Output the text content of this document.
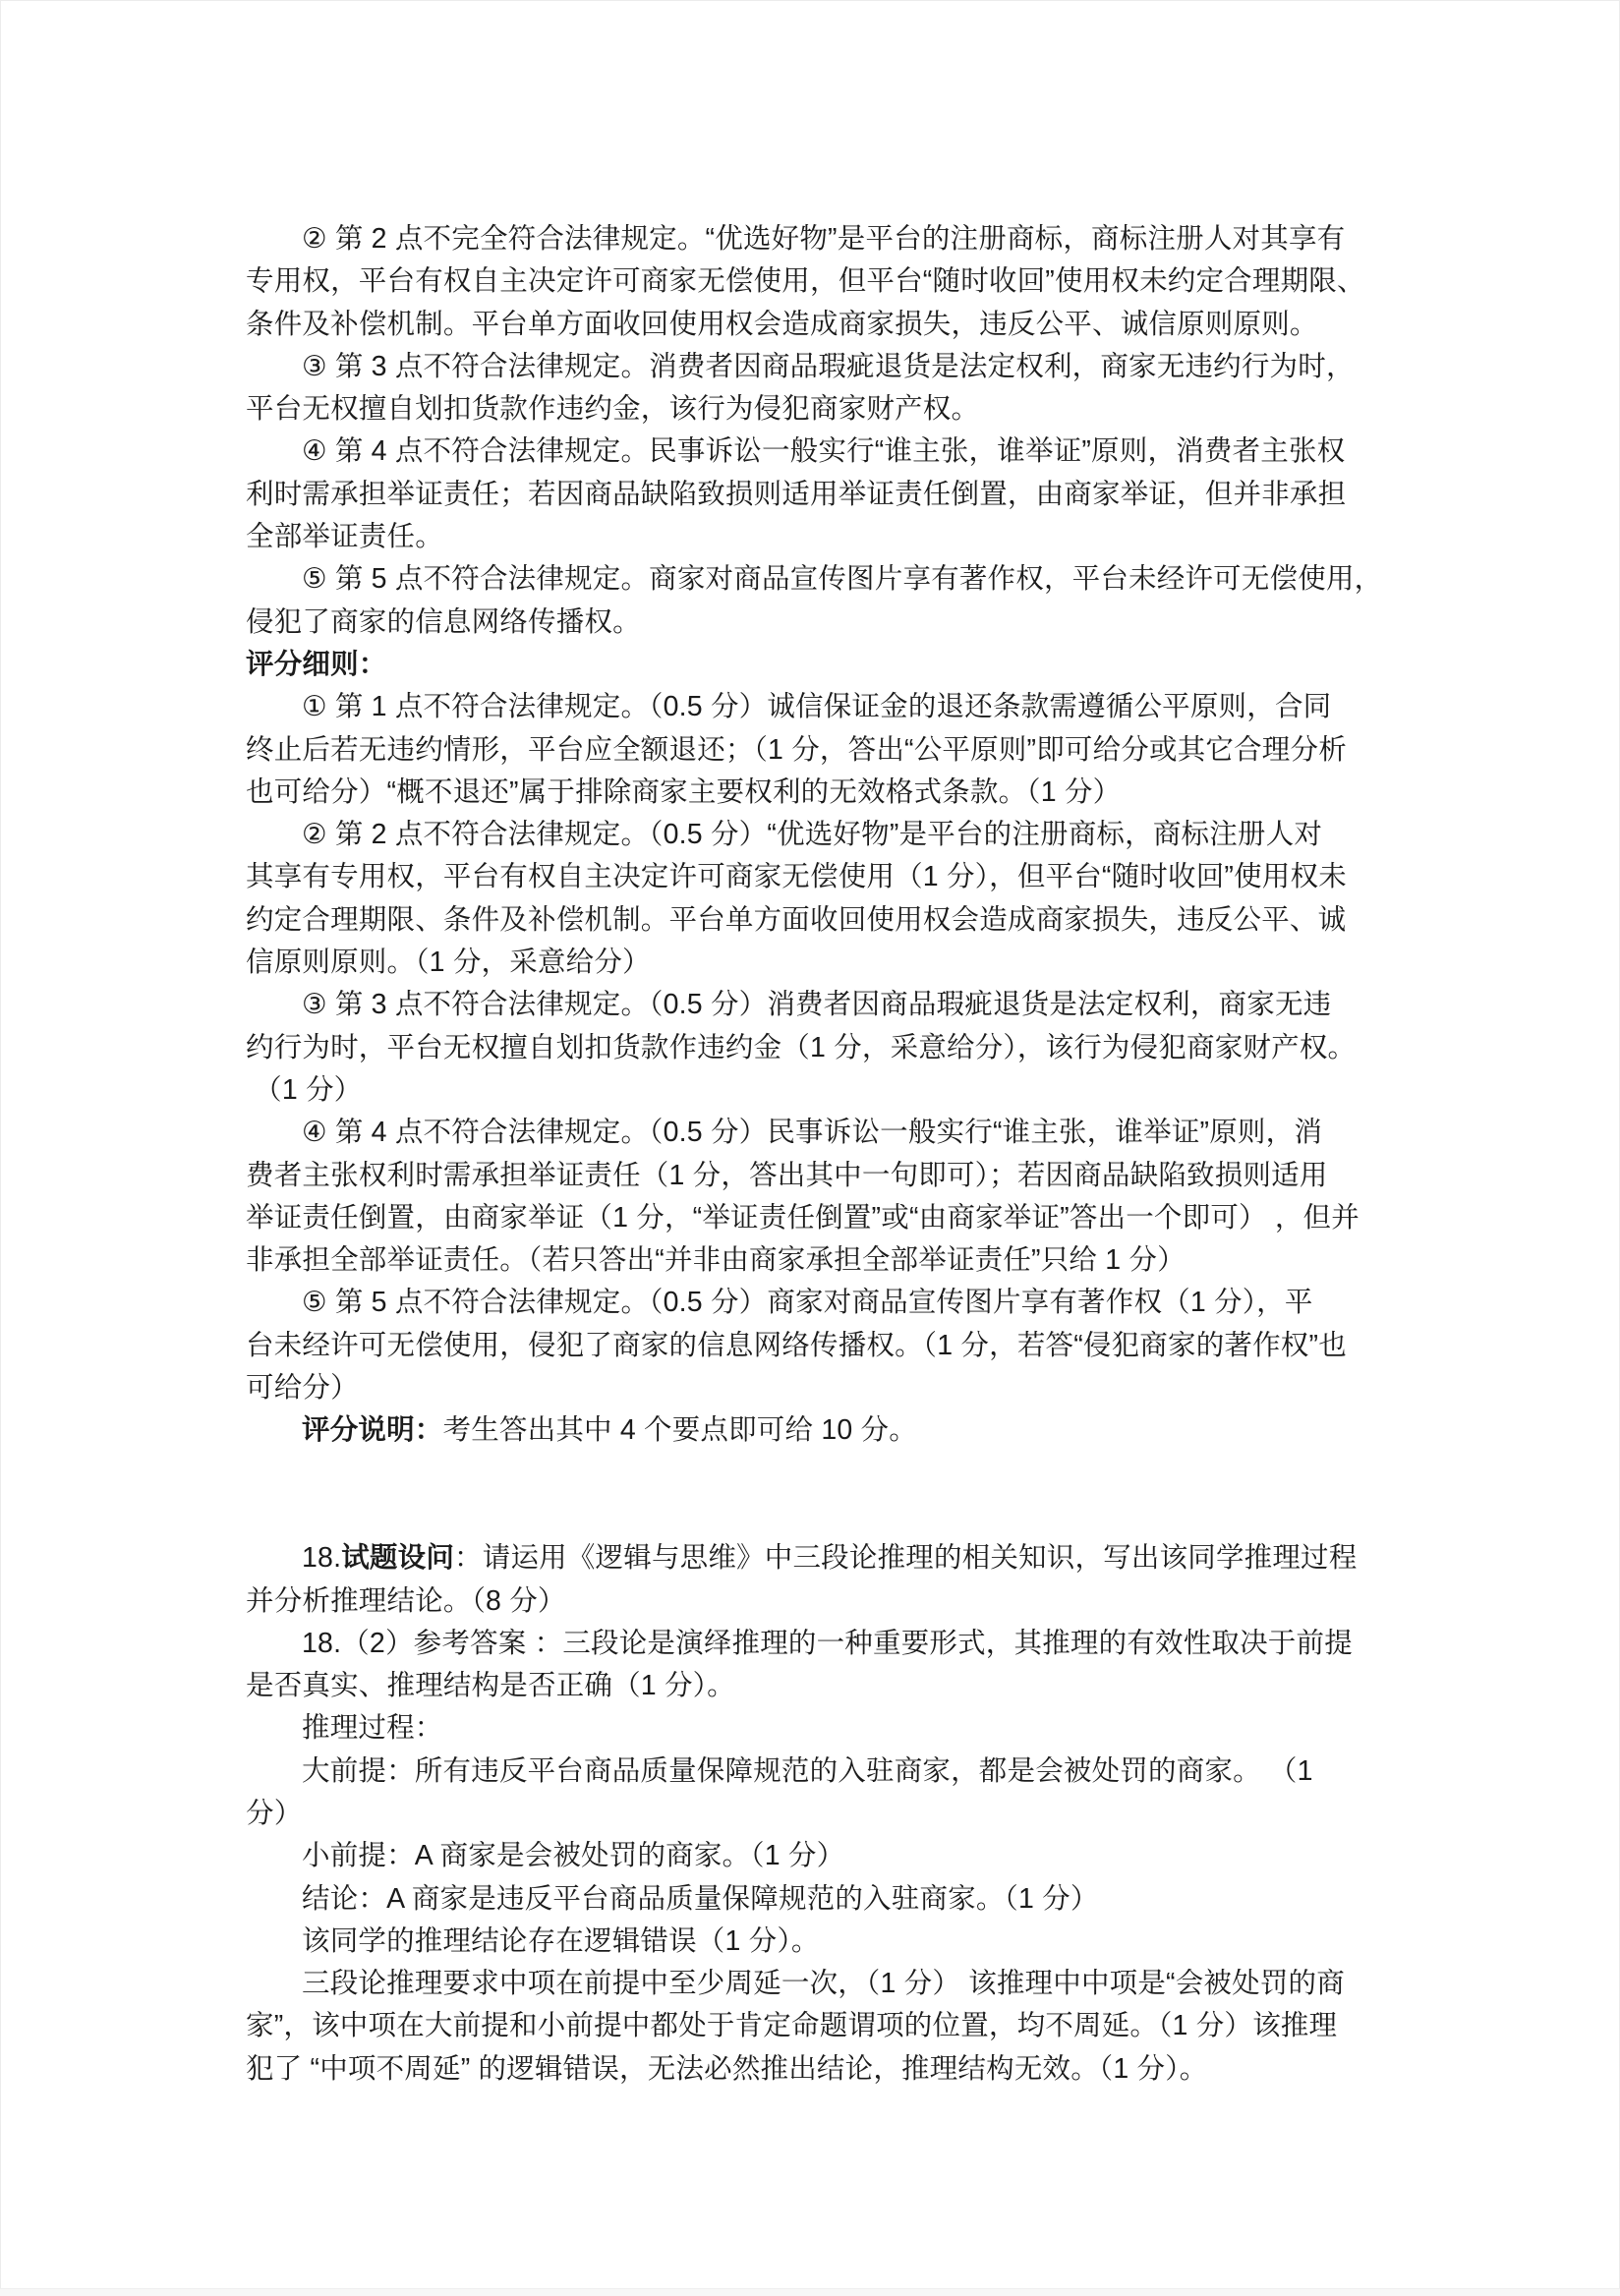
② 第 2 点不完全符合法律规定。“优选好物”是平台的注册商标，商标注册人对其享有
专用权，平台有权自主决定许可商家无偿使用，但平台“随时收回”使用权未约定合理期限、
条件及补偿机制。平台单方面收回使用权会造成商家损失，违反公平、诚信原则原则。
③ 第 3 点不符合法律规定。消费者因商品瑕疵退货是法定权利，商家无违约行为时，
平台无权擅自划扣货款作违约金，该行为侵犯商家财产权。
④ 第 4 点不符合法律规定。民事诉讼一般实行“谁主张，谁举证”原则，消费者主张权
利时需承担举证责任；若因商品缺陷致损则适用举证责任倒置，由商家举证，但并非承担
全部举证责任。
⑤ 第 5 点不符合法律规定。商家对商品宣传图片享有著作权，平台未经许可无偿使用，
侵犯了商家的信息网络传播权。
评分细则：
① 第 1 点不符合法律规定。（0.5 分）诚信保证金的退还条款需遵循公平原则，合同
终止后若无违约情形，平台应全额退还；（1 分，答出“公平原则”即可给分或其它合理分析
也可给分）“概不退还”属于排除商家主要权利的无效格式条款。（1 分）
② 第 2 点不符合法律规定。（0.5 分）“优选好物”是平台的注册商标，商标注册人对
其享有专用权，平台有权自主决定许可商家无偿使用（1 分），但平台“随时收回”使用权未
约定合理期限、条件及补偿机制。平台单方面收回使用权会造成商家损失，违反公平、诚
信原则原则。（1 分，采意给分）
③ 第 3 点不符合法律规定。（0.5 分）消费者因商品瑕疵退货是法定权利，商家无违
约行为时，平台无权擅自划扣货款作违约金（1 分，采意给分），该行为侵犯商家财产权。
（1 分）
④ 第 4 点不符合法律规定。（0.5 分）民事诉讼一般实行“谁主张，谁举证”原则，消
费者主张权利时需承担举证责任（1 分，答出其中一句即可）；若因商品缺陷致损则适用
举证责任倒置，由商家举证（1 分，“举证责任倒置”或“由商家举证”答出一个即可） ，但并
非承担全部举证责任。（若只答出“并非由商家承担全部举证责任”只给 1 分）
⑤ 第 5 点不符合法律规定。（0.5 分）商家对商品宣传图片享有著作权（1 分），平
台未经许可无偿使用，侵犯了商家的信息网络传播权。（1 分，若答“侵犯商家的著作权”也
可给分）
评分说明：考生答出其中 4 个要点即可给 10 分。
18.试题设问：请运用《逻辑与思维》中三段论推理的相关知识，写出该同学推理过程
并分析推理结论。（8 分）
18.（2）参考答案 ：三段论是演绎推理的一种重要形式，其推理的有效性取决于前提
是否真实、推理结构是否正确（1 分）。
推理过程：
大前提：所有违反平台商品质量保障规范的入驻商家，都是会被处罚的商家。 （1
分）
小前提：A 商家是会被处罚的商家。（1 分）
结论：A 商家是违反平台商品质量保障规范的入驻商家。（1 分）
该同学的推理结论存在逻辑错误（1 分）。
三段论推理要求中项在前提中至少周延一次，（1 分） 该推理中中项是“会被处罚的商
家”，该中项在大前提和小前提中都处于肯定命题谓项的位置，均不周延。（1 分）该推理
犯了 “中项不周延” 的逻辑错误，无法必然推出结论，推理结构无效。（1 分）。
